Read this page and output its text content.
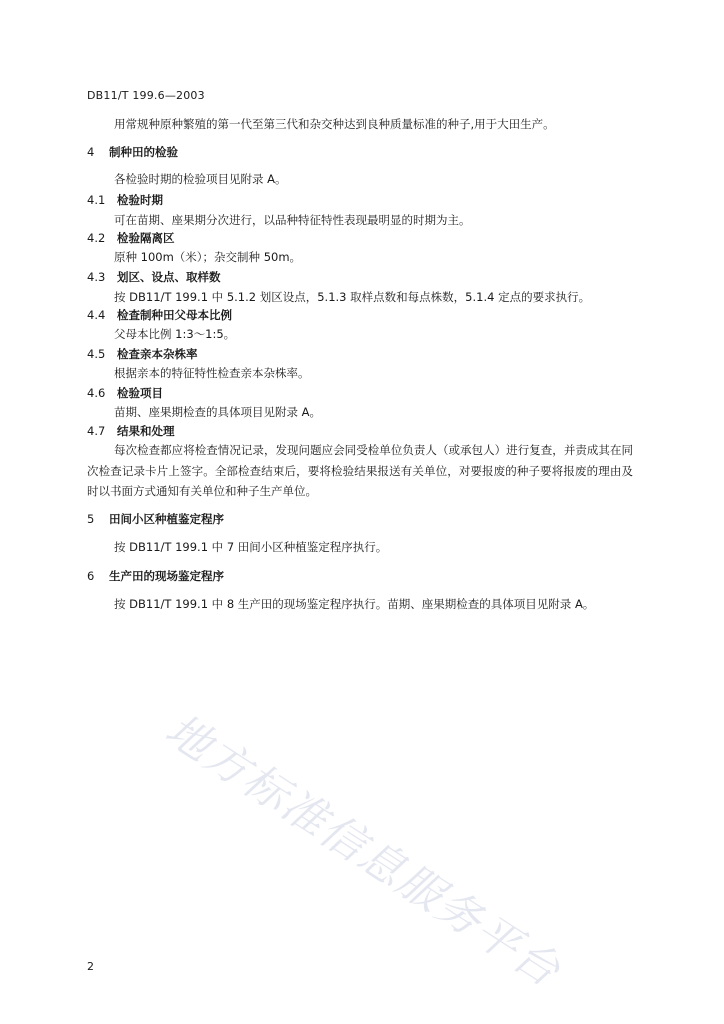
DB11/T 199.6—2003
用常规种原种繁殖的第一代至第三代和杂交种达到良种质量标准的种子,用于大田生产。
4 制种田的检验
各检验时期的检验项目见附录 A。
4.1 检验时期
可在苗期、座果期分次进行，以品种特征特性表现最明显的时期为主。
4.2 检验隔离区
原种 100m（米）；杂交制种 50m。
4.3 划区、设点、取样数
按 DB11/T 199.1 中 5.1.2 划区设点，5.1.3 取样点数和每点株数，5.1.4 定点的要求执行。
4.4 检查制种田父母本比例
父母本比例 1:3～1:5。
4.5 检查亲本杂株率
根据亲本的特征特性检查亲本杂株率。
4.6 检验项目
苗期、座果期检查的具体项目见附录 A。
4.7 结果和处理
每次检查都应将检查情况记录，发现问题应会同受检单位负责人（或承包人）进行复查，并责成其在同次检查记录卡片上签字。全部检查结束后，要将检验结果报送有关单位，对要报废的种子要将报废的理由及时以书面方式通知有关单位和种子生产单位。
5 田间小区种植鉴定程序
按 DB11/T 199.1 中 7 田间小区种植鉴定程序执行。
6 生产田的现场鉴定程序
按 DB11/T 199.1 中 8 生产田的现场鉴定程序执行。苗期、座果期检查的具体项目见附录 A。
地方标准信息服务平台
2
